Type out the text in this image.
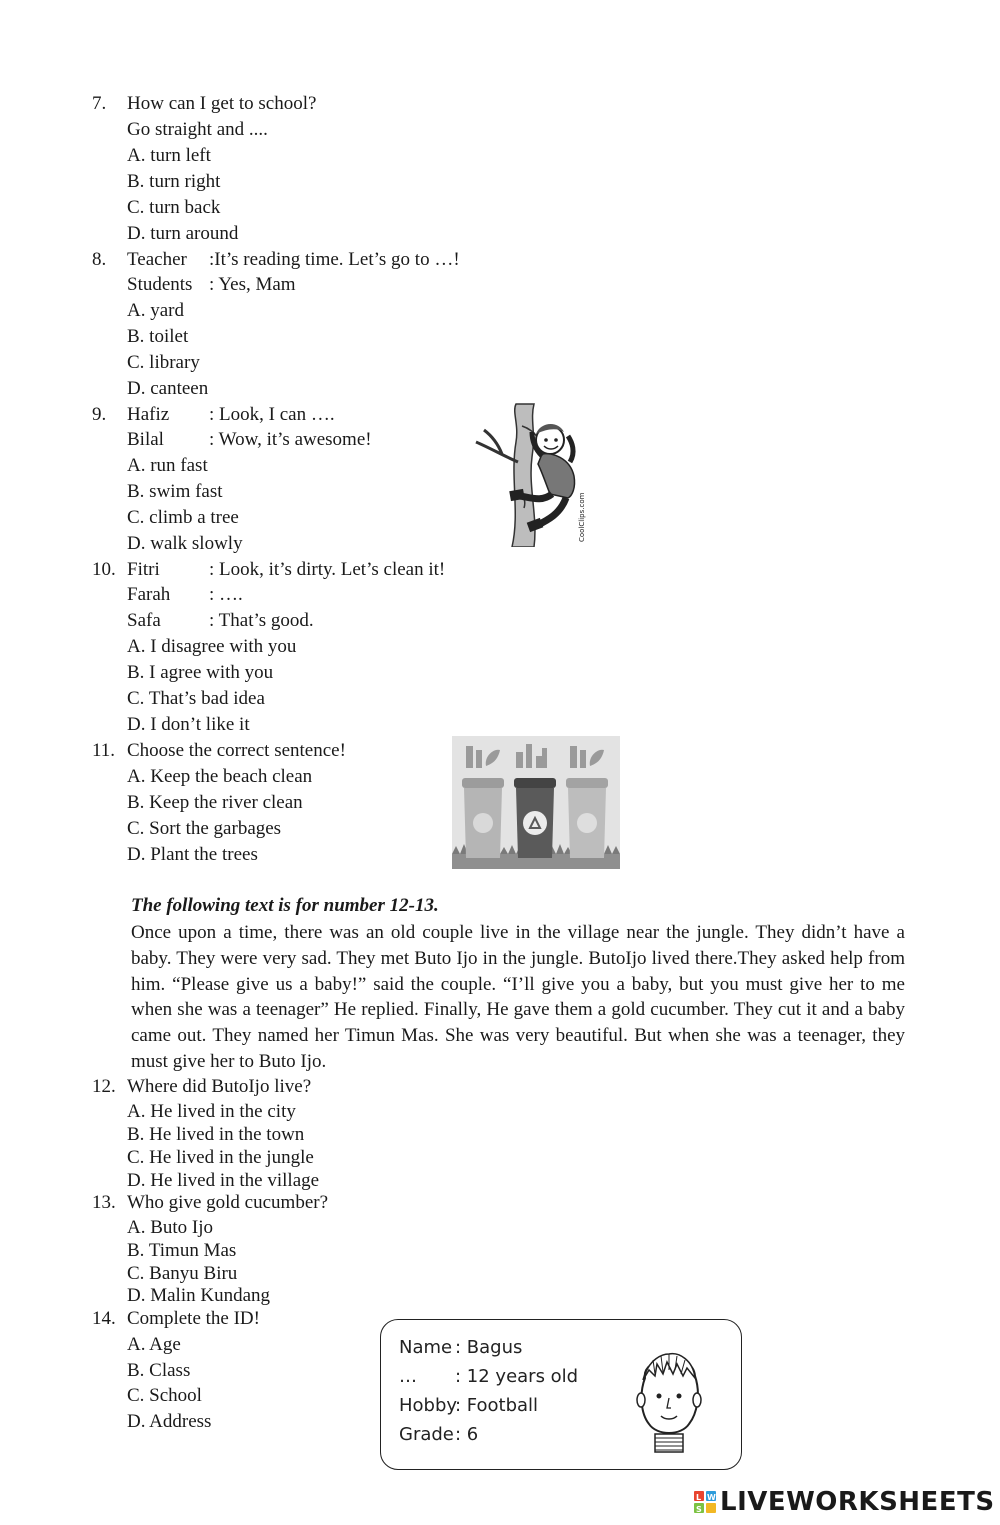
7. How can I get to school?
Go straight and ....
A. turn left
B. turn right
C. turn back
D. turn around
8. Teacher :It’s reading time. Let’s go to …!
Students : Yes, Mam
A. yard
B. toilet
C. library
D. canteen
9. Hafiz : Look, I can ….
Bilal : Wow, it’s awesome!
A. run fast
B. swim fast
C. climb a tree
D. walk slowly
CoolClips.com
10. Fitri	: Look, it’s dirty. Let’s clean it!
Farah : ….
Safa	: That’s good.
A. I disagree with you
B. I agree with you
C. That’s bad idea
D. I don’t like it
11. Choose the correct sentence!
A. Keep the beach clean
B. Keep the river clean
C. Sort the garbages
D. Plant the trees
The following text is for number 12-13.
Once upon a time, there was an old couple live in the village near the jungle. They didn’t have a baby. They were very sad. They met Buto Ijo in the jungle. ButoIjo lived there.They asked help from him. “Please give us a baby!” said the couple. “I’ll give you a baby, but you must give her to me when she was a teenager” He replied. Finally, He gave them a gold cucumber. They cut it and a baby came out. They named her Timun Mas. She was very beautiful. But when she was a teenager, they must give her to Buto Ijo.
12. Where did ButoIjo live?
A. He lived in the city
B. He lived in the town
C. He lived in the jungle
D. He lived in the village
13. Who give gold cucumber?
A. Buto Ijo
B. Timun Mas
C. Banyu Biru
D. Malin Kundang
14. Complete the ID!
A. Age
B. Class
C. School
D. Address
Name : Bagus
… : 12 years old
Hobby
: Football
Grade : 6
L W
S LIVEWORKSHEETS
